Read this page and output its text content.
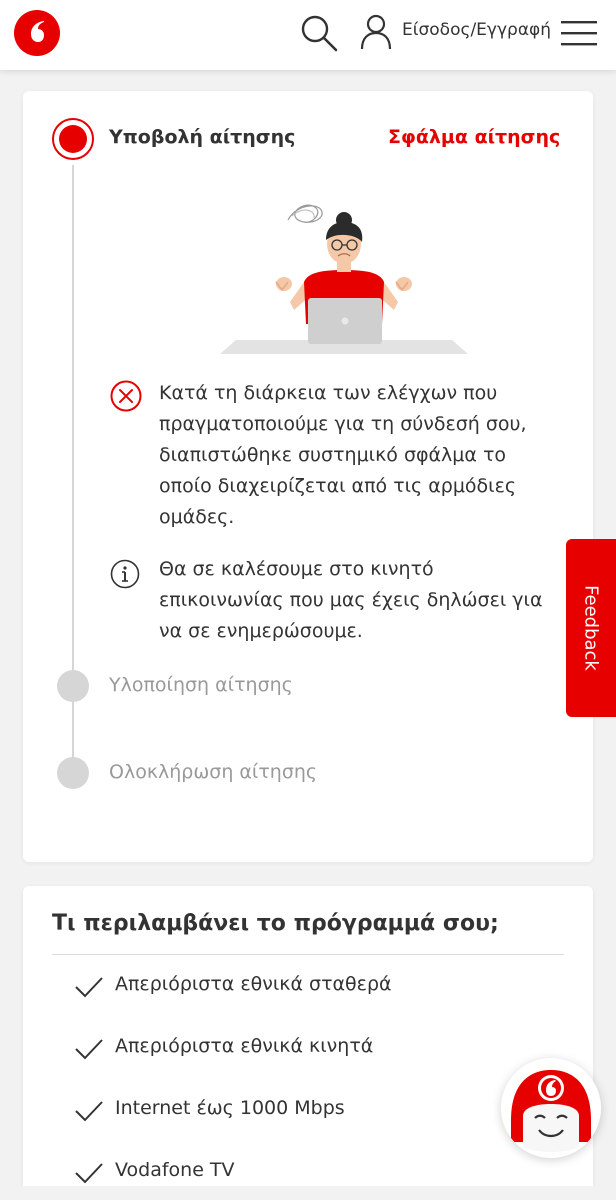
Είσοδος/Εγγραφή
Υποβολή αίτησης	Σφάλμα αίτησης

Κατά τη διάρκεια των ελέγχων που πραγματοποιούμε για τη σύνδεσή σου, διαπιστώθηκε συστημικό σφάλμα το οποίο διαχειρίζεται από τις αρμόδιες ομάδες.

Θα σε καλέσουμε στο κινητό επικοινωνίας που μας έχεις δηλώσει για να σε ενημερώσουμε.

Υλοποίηση αίτησης
Ολοκλήρωση αίτησης
Feedback
Τι περιλαμβάνει το πρόγραμμά σου;
Απεριόριστα εθνικά σταθερά
Απεριόριστα εθνικά κινητά
Internet έως 1000 Mbps
Vodafone TV
